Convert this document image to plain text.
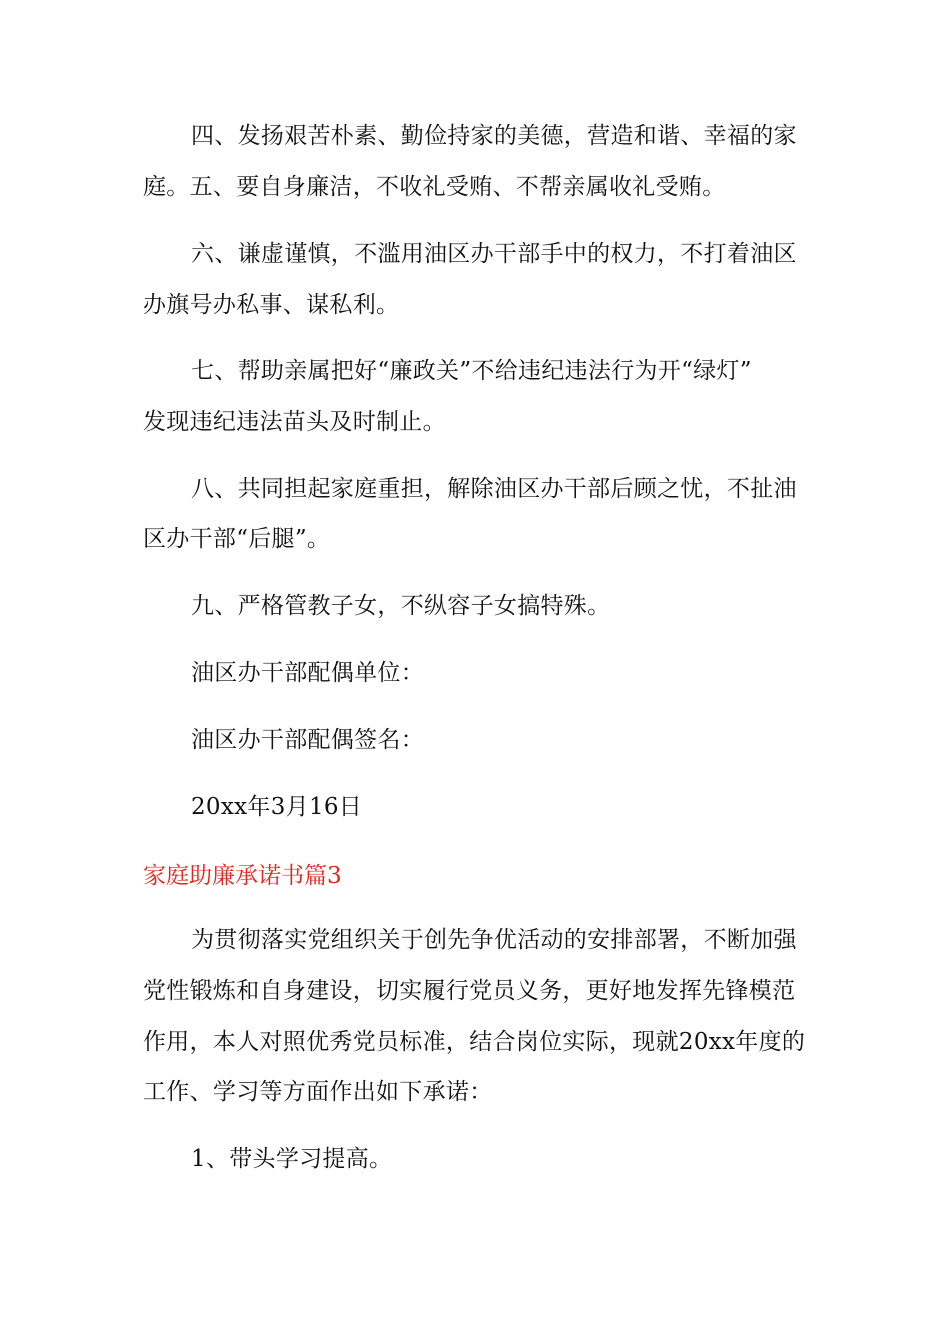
四、发扬艰苦朴素、勤俭持家的美德，营造和谐、幸福的家
庭。五、要自身廉洁，不收礼受贿、不帮亲属收礼受贿。
六、谦虚谨慎，不滥用油区办干部手中的权力，不打着油区
办旗号办私事、谋私利。
七、帮助亲属把好“廉政关”不给违纪违法行为开“绿灯”
发现违纪违法苗头及时制止。
八、共同担起家庭重担，解除油区办干部后顾之忧，不扯油
区办干部“后腿”。
九、严格管教子女，不纵容子女搞特殊。
油区办干部配偶单位：
油区办干部配偶签名：
20xx年3月16日
家庭助廉承诺书篇3
为贯彻落实党组织关于创先争优活动的安排部署，不断加强
党性锻炼和自身建设，切实履行党员义务，更好地发挥先锋模范
作用，本人对照优秀党员标准，结合岗位实际，现就20xx年度的
工作、学习等方面作出如下承诺：
1、带头学习提高。
